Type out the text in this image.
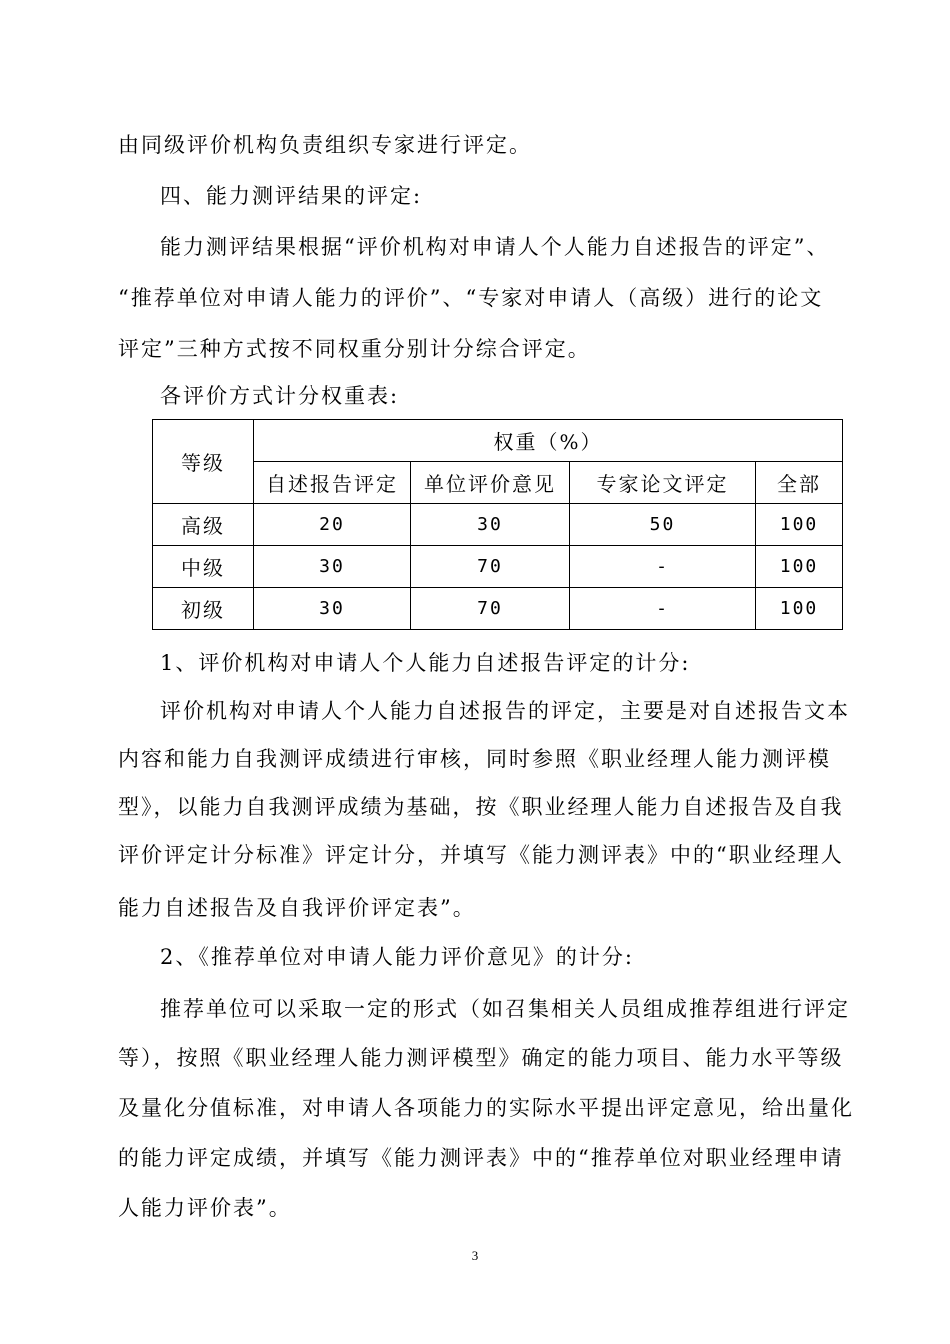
由同级评价机构负责组织专家进行评定。
四、能力测评结果的评定:
能力测评结果根据“评价机构对申请人个人能力自述报告的评定”、
“推荐单位对申请人能力的评价”、“专家对申请人（高级）进行的论文
评定”三种方式按不同权重分别计分综合评定。
各评价方式计分权重表:
等级	权重（%）			
	自述报告评定	单位评价意见	专家论文评定	全部
高级	20	30	50	100
中级	30	70	-	100
初级	30	70	-	100
1、评价机构对申请人个人能力自述报告评定的计分:
评价机构对申请人个人能力自述报告的评定，主要是对自述报告文本
内容和能力自我测评成绩进行审核，同时参照《职业经理人能力测评模
型》，以能力自我测评成绩为基础，按《职业经理人能力自述报告及自我
评价评定计分标准》评定计分，并填写《能力测评表》中的“职业经理人
能力自述报告及自我评价评定表”。
2、《推荐单位对申请人能力评价意见》的计分:
推荐单位可以采取一定的形式（如召集相关人员组成推荐组进行评定
等），按照《职业经理人能力测评模型》确定的能力项目、能力水平等级
及量化分值标准，对申请人各项能力的实际水平提出评定意见，给出量化
的能力评定成绩，并填写《能力测评表》中的“推荐单位对职业经理申请
人能力评价表”。
3
